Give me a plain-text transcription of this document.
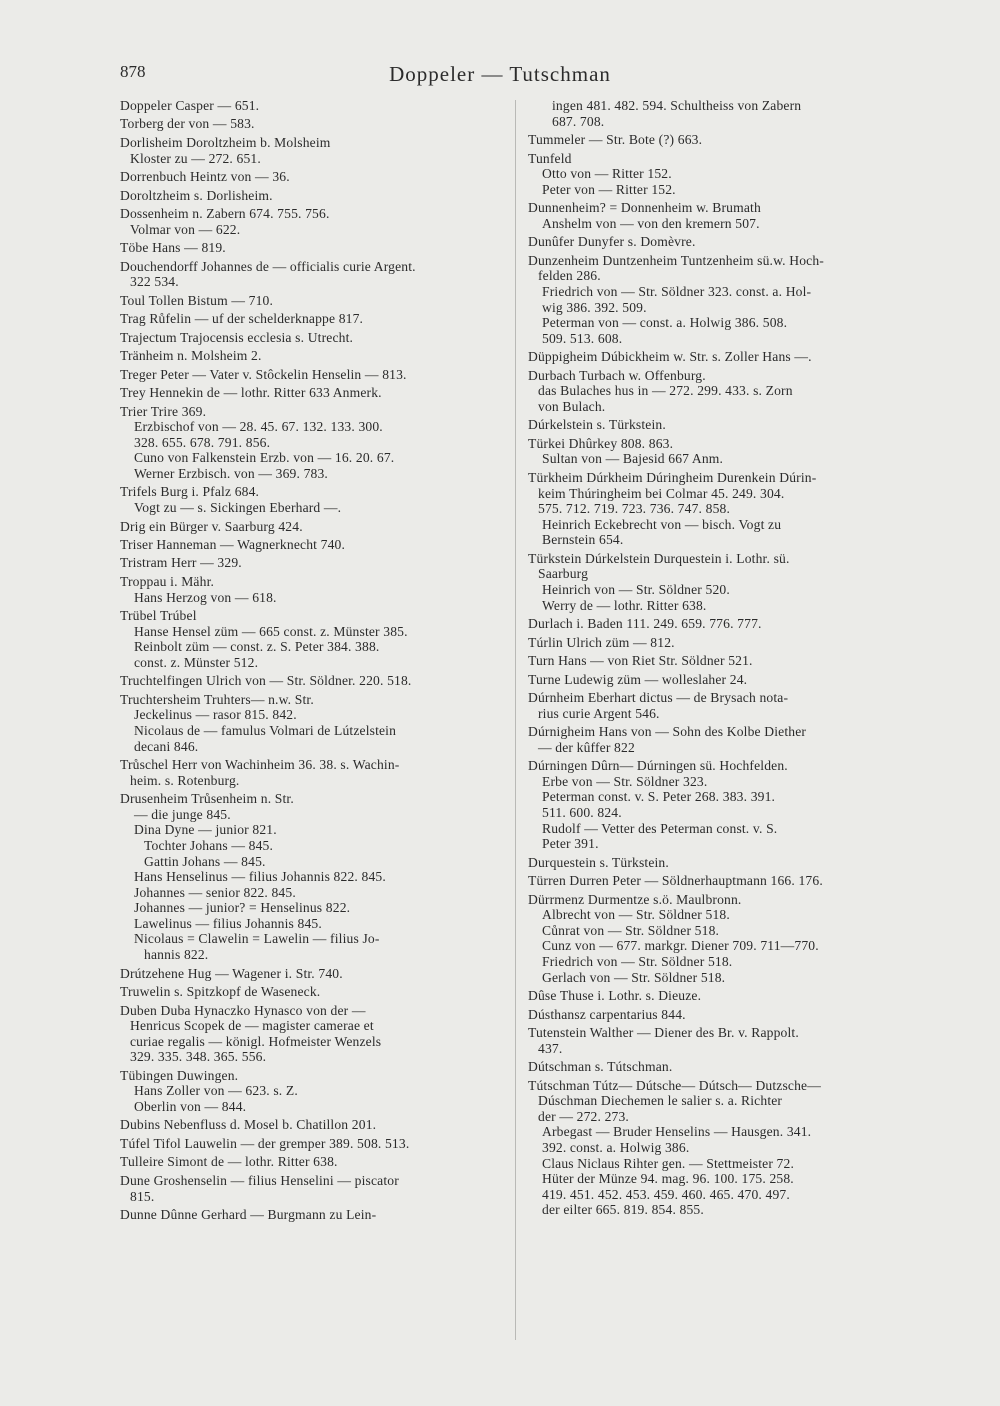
878	Doppeler — Tutschman
Doppeler Casper — 651.
Torberg der von — 583.
Dorlisheim Doroltzheim b. Molsheim
Kloster zu — 272. 651.
Dorrenbuch Heintz von — 36.
Doroltzheim s. Dorlisheim.
Dossenheim n. Zabern 674. 755. 756.
Volmar von — 622.
Töbe Hans — 819.
Douchendorff Johannes de — officialis curie Argent.
322 534.
Toul Tollen Bistum — 710.
Trag Růfelin — uf der schelderknappe 817.
Trajectum Trajocensis ecclesia s. Utrecht.
Tränheim n. Molsheim 2.
Treger Peter — Vater v. Stôckelin Henselin — 813.
Trey Hennekin de — lothr. Ritter 633 Anmerk.
Trier Trire 369.
Erzbischof von — 28. 45. 67. 132. 133. 300.
328. 655. 678. 791. 856.
Cuno von Falkenstein Erzb. von — 16. 20. 67.
Werner Erzbisch. von — 369. 783.
Trifels Burg i. Pfalz 684.
Vogt zu — s. Sickingen Eberhard —.
Drig ein Bürger v. Saarburg 424.
Triser Hanneman — Wagnerknecht 740.
Tristram Herr — 329.
Troppau i. Mähr.
Hans Herzog von — 618.
Trübel Trúbel
Hanse Hensel züm — 665 const. z. Münster 385.
Reinbolt züm — const. z. S. Peter 384. 388.
const. z. Münster 512.
Truchtelfingen Ulrich von — Str. Söldner. 220. 518.
Truchtersheim Truhters— n.w. Str.
Jeckelinus — rasor 815. 842.
Nicolaus de — famulus Volmari de Lútzelstein
decani 846.
Trůschel Herr von Wachinheim 36. 38. s. Wachin-
heim. s. Rotenburg.
Drusenheim Trůsenheim n. Str.
— die junge 845.
Dina Dyne — junior 821.
Tochter Johans — 845.
Gattin Johans — 845.
Hans Henselinus — filius Johannis 822. 845.
Johannes — senior 822. 845.
Johannes — junior? = Henselinus 822.
Lawelinus — filius Johannis 845.
Nicolaus = Clawelin = Lawelin — filius Jo-
hannis 822.
Drútzehene Hug — Wagener i. Str. 740.
Truwelin s. Spitzkopf de Waseneck.
Duben Duba Hynaczko Hynasco von der —
Henricus Scopek de — magister camerae et
curiae regalis — königl. Hofmeister Wenzels
329. 335. 348. 365. 556.
Tübingen Duwingen.
Hans Zoller von — 623. s. Z.
Oberlin von — 844.
Dubins Nebenfluss d. Mosel b. Chatillon 201.
Túfel Tifol Lauwelin — der gremper 389. 508. 513.
Tulleire Simont de — lothr. Ritter 638.
Dune Groshenselin — filius Henselini — piscator
815.
Dunne Dûnne Gerhard — Burgmann zu Lein-
ingen 481. 482. 594. Schultheiss von Zabern
687. 708.
Tummeler — Str. Bote (?) 663.
Tunfeld
Otto von — Ritter 152.
Peter von — Ritter 152.
Dunnenheim? = Donnenheim w. Brumath
Anshelm von — von den kremern 507.
Dunûfer Dunyfer s. Domèvre.
Dunzenheim Duntzenheim Tuntzenheim sü.w. Hoch-
felden 286.
Friedrich von — Str. Söldner 323. const. a. Hol-
wig 386. 392. 509.
Peterman von — const. a. Holwig 386. 508.
509. 513. 608.
Düppigheim Dúbickheim w. Str. s. Zoller Hans —.
Durbach Turbach w. Offenburg.
das Bulaches hus in — 272. 299. 433. s. Zorn
von Bulach.
Dúrkelstein s. Türkstein.
Türkei Dhûrkey 808. 863.
Sultan von — Bajesid 667 Anm.
Türkheim Dúrkheim Dúringheim Durenkein Dúrin-
keim Thúringheim bei Colmar 45. 249. 304.
575. 712. 719. 723. 736. 747. 858.
Heinrich Eckebrecht von — bisch. Vogt zu
Bernstein 654.
Türkstein Dúrkelstein Durquestein i. Lothr. sü.
Saarburg
Heinrich von — Str. Söldner 520.
Werry de — lothr. Ritter 638.
Durlach i. Baden 111. 249. 659. 776. 777.
Túrlin Ulrich züm — 812.
Turn Hans — von Riet Str. Söldner 521.
Turne Ludewig züm — wolleslaher 24.
Dúrnheim Eberhart dictus — de Brysach nota-
rius curie Argent 546.
Dúrnigheim Hans von — Sohn des Kolbe Diether
— der kûffer 822
Dúrningen Dûrn— Dúrningen sü. Hochfelden.
Erbe von — Str. Söldner 323.
Peterman const. v. S. Peter 268. 383. 391.
511. 600. 824.
Rudolf — Vetter des Peterman const. v. S.
Peter 391.
Durquestein s. Türkstein.
Türren Durren Peter — Söldnerhauptmann 166. 176.
Dürrmenz Durmentze s.ö. Maulbronn.
Albrecht von — Str. Söldner 518.
Cůnrat von — Str. Söldner 518.
Cunz von — 677. markgr. Diener 709. 711—770.
Friedrich von — Str. Söldner 518.
Gerlach von — Str. Söldner 518.
Dûse Thuse i. Lothr. s. Dieuze.
Dústhansz carpentarius 844.
Tutenstein Walther — Diener des Br. v. Rappolt.
437.
Dútschman s. Tútschman.
Tútschman Tútz— Dútsche— Dútsch— Dutzsche—
Dúschman Diechemen le salier s. a. Richter
der — 272. 273.
Arbegast — Bruder Henselins — Hausgen. 341.
392. const. a. Holwig 386.
Claus Niclaus Rihter gen. — Stettmeister 72.
Hüter der Münze 94. mag. 96. 100. 175. 258.
419. 451. 452. 453. 459. 460. 465. 470. 497.
der eilter 665. 819. 854. 855.
